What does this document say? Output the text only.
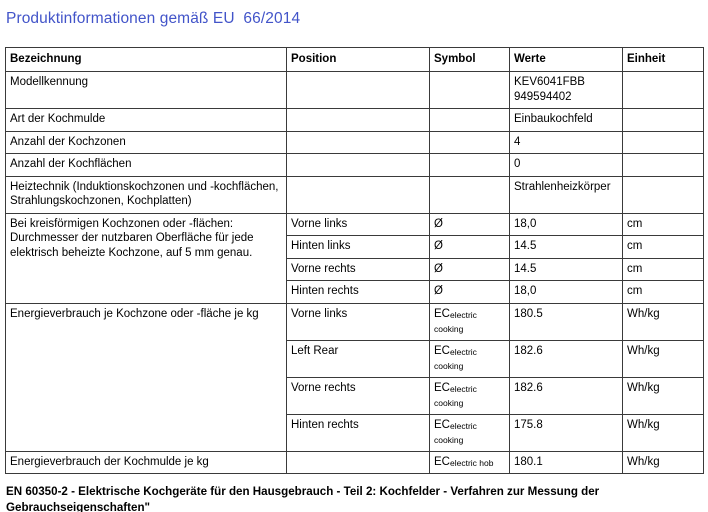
Produktinformationen gemäß EU  66/2014
Bezeichnung	Position	Symbol	Werte	Einheit
Modellkennung			KEV6041FBB 949594402	
Art der Kochmulde			Einbaukochfeld	
Anzahl der Kochzonen			4	
Anzahl der Kochflächen			0	
Heiztechnik (Induktionskochzonen und -kochflächen, Strahlungskochzonen, Kochplatten)			Strahlenheizkörper	
Bei kreisförmigen Kochzonen oder -flächen: Durchmesser der nutzbaren Oberfläche für jede elektrisch beheizte Kochzone, auf 5 mm genau.	Vorne links	Ø	18,0	cm
	Hinten links	Ø	14.5	cm
	Vorne rechts	Ø	14.5	cm
	Hinten rechts	Ø	18,0	cm
Energieverbrauch je Kochzone oder -fläche je kg	Vorne links	ECelectric cooking	180.5	Wh/kg
	Left Rear	ECelectric cooking	182.6	Wh/kg
	Vorne rechts	ECelectric cooking	182.6	Wh/kg
	Hinten rechts	ECelectric cooking	175.8	Wh/kg
Energieverbrauch der Kochmulde je kg		ECelectric hob	180.1	Wh/kg

EN 60350-2 - Elektrische Kochgeräte für den Hausgebrauch - Teil 2: Kochfelder - Verfahren zur Messung der Gebrauchseigenschaften"
